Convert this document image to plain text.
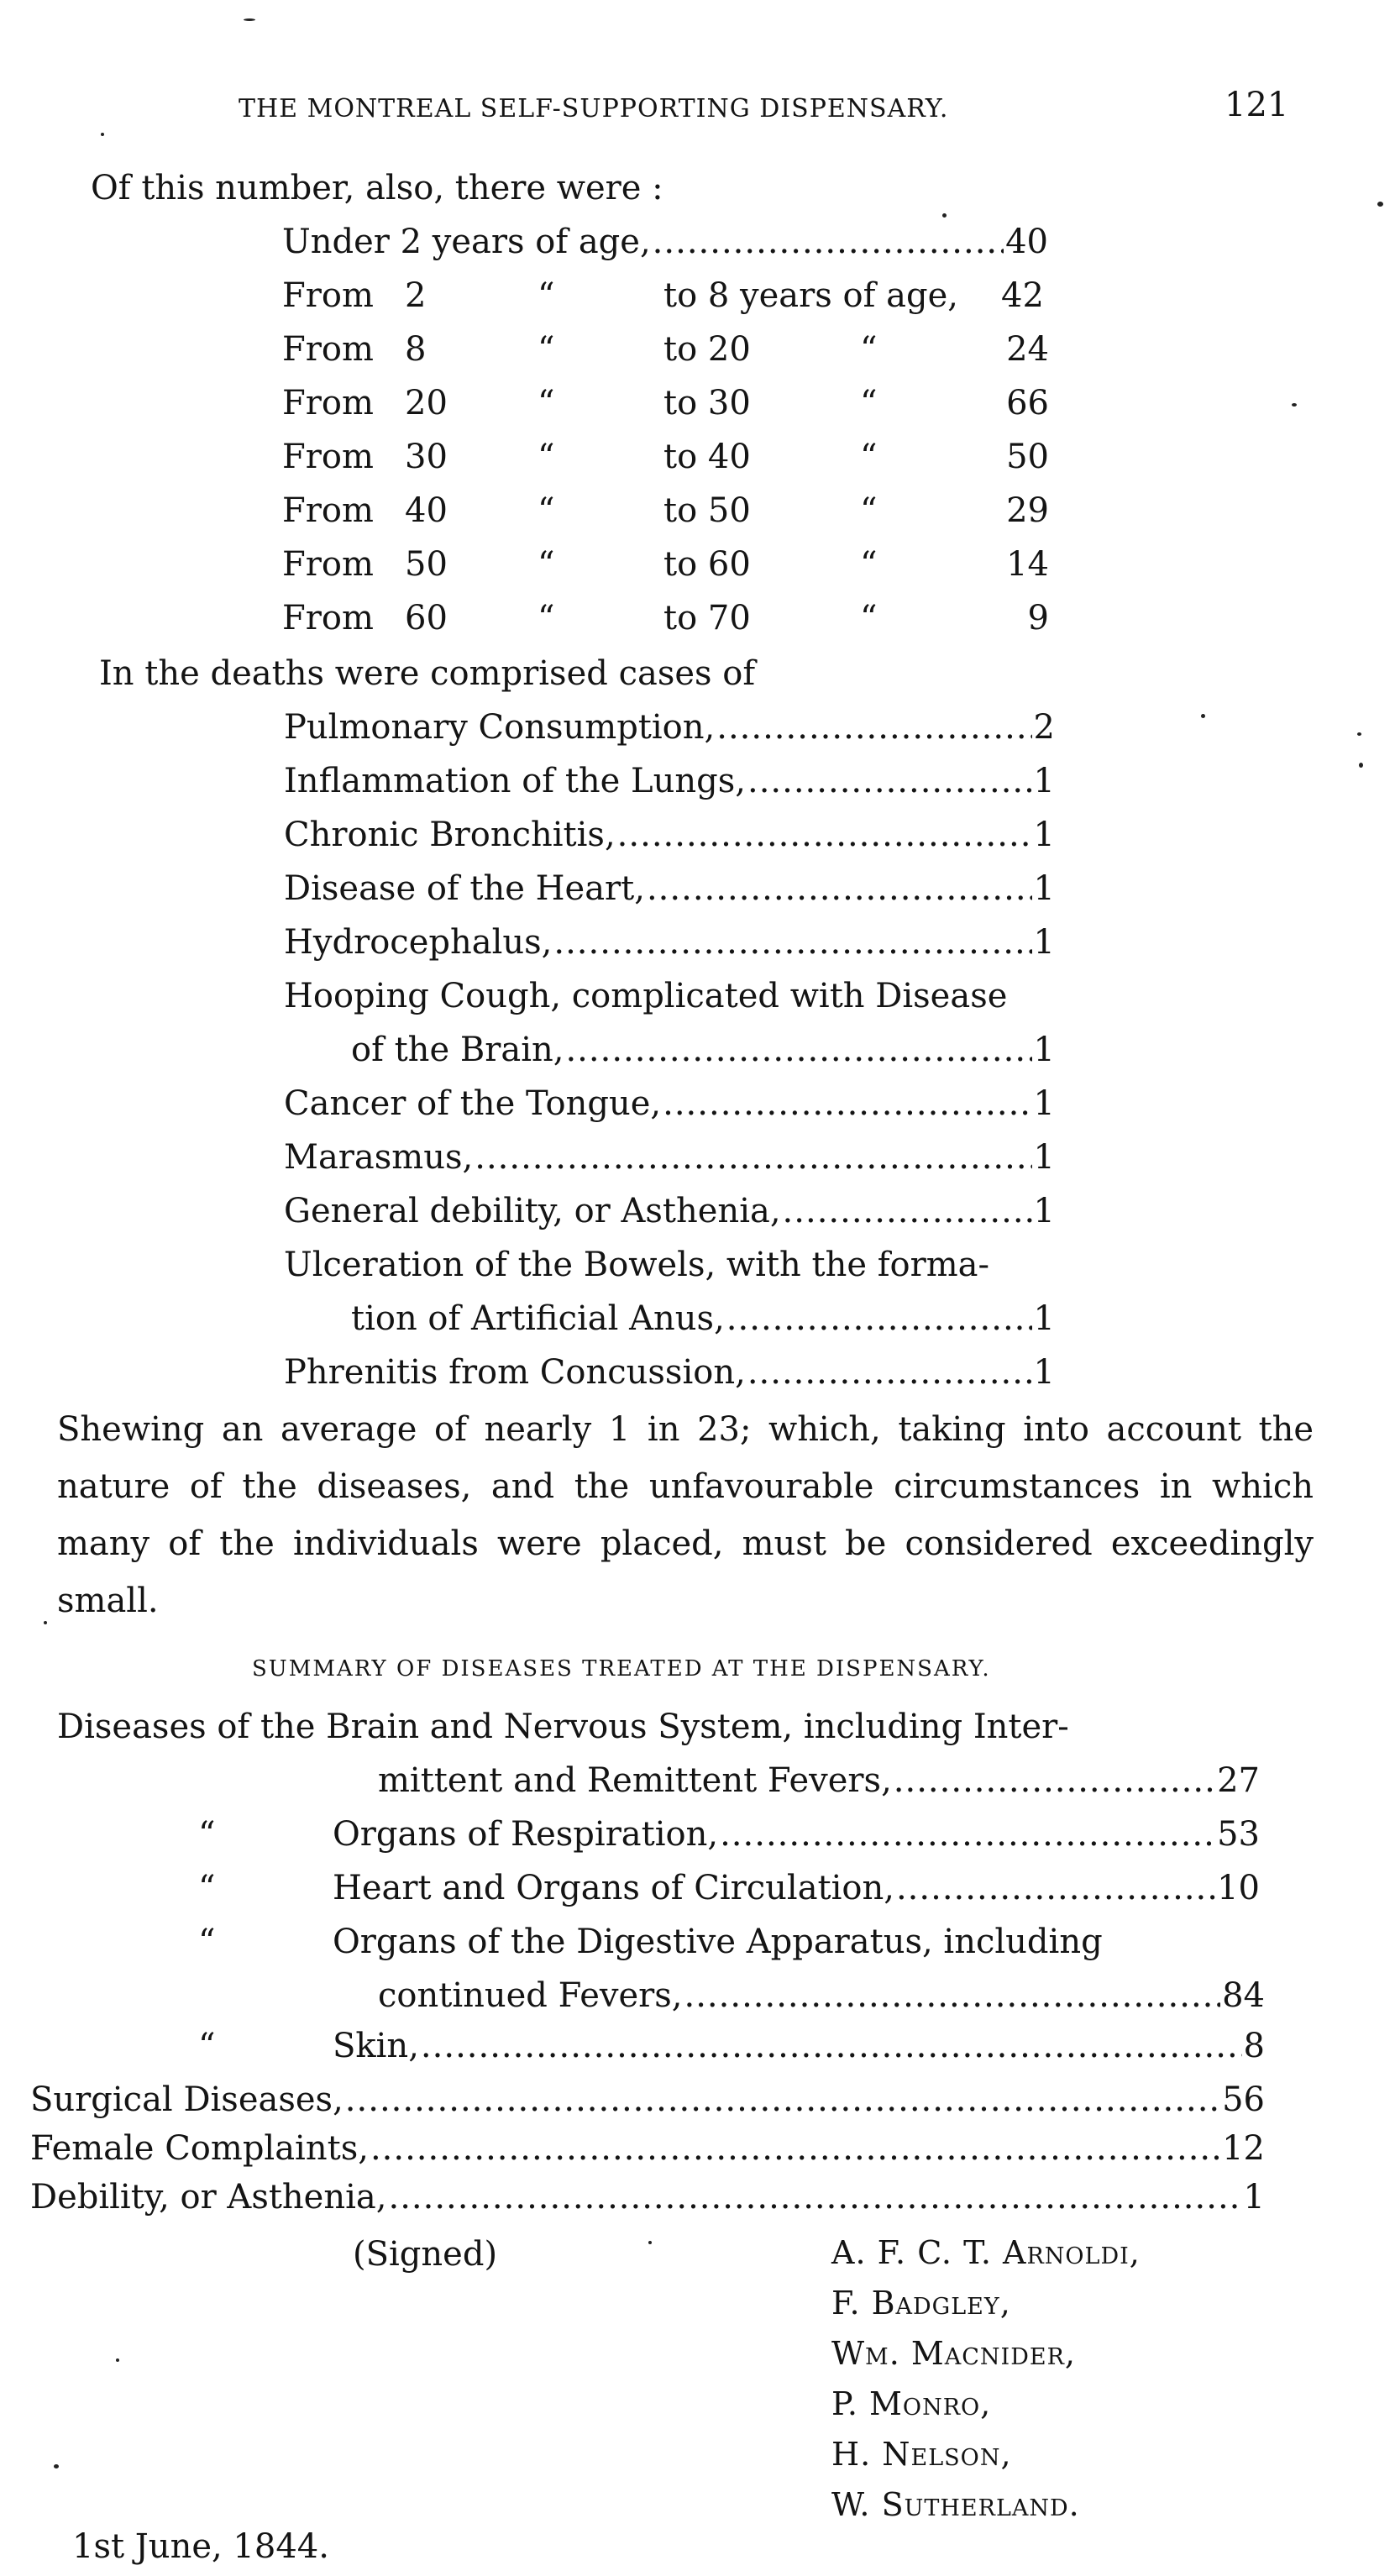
THE MONTREAL SELF-SUPPORTING DISPENSARY.	121
Of this number, also, there were :
Under 2 years of age, .....	40
From 2	“	to 8 years of age, 42
From 8	“	to 20	“	24
From 20	“	to 30	“	66
From 30	“	to 40	“	50
From 40	“	to 50	“	29
From 50	“	to 60	“	14
From 60	“	to 70	“	9
In the deaths were comprised cases of
Pulmonary Consumption, .....	2
Inflammation of the Lungs, .....	1
Chronic Bronchitis, .....	1
Disease of the Heart, .....	1
Hydrocephalus, .....	1
Hooping Cough, complicated with Disease
of the Brain, .....	1
Cancer of the Tongue, .....	1
Marasmus, .....	1
General debility, or Asthenia, .....	1
Ulceration of the Bowels, with the forma-
tion of Artificial Anus, .....	1
Phrenitis from Concussion, .....	1
Shewing an average of nearly 1 in 23; which, taking into account the nature of the diseases, and the unfavourable circumstances in which many of the individuals were placed, must be considered exceedingly small.
SUMMARY OF DISEASES TREATED AT THE DISPENSARY.
Diseases of the Brain and Nervous System, including Inter-
mittent and Remittent Fevers, .....	27
“	Organs of Respiration, .....	53
“	Heart and Organs of Circulation, .....	10
“	Organs of the Digestive Apparatus, including
continued Fevers, .....	84
“	Skin, .....	8
Surgical Diseases, .....	56
Female Complaints, .....	12
Debility, or Asthenia, .....	1
(Signed)	A. F. C. T. Arnoldi,
F. Badgley,
Wm. Macnider,
P. Monro,
H. Nelson,
W. Sutherland.
1st June, 1844.
